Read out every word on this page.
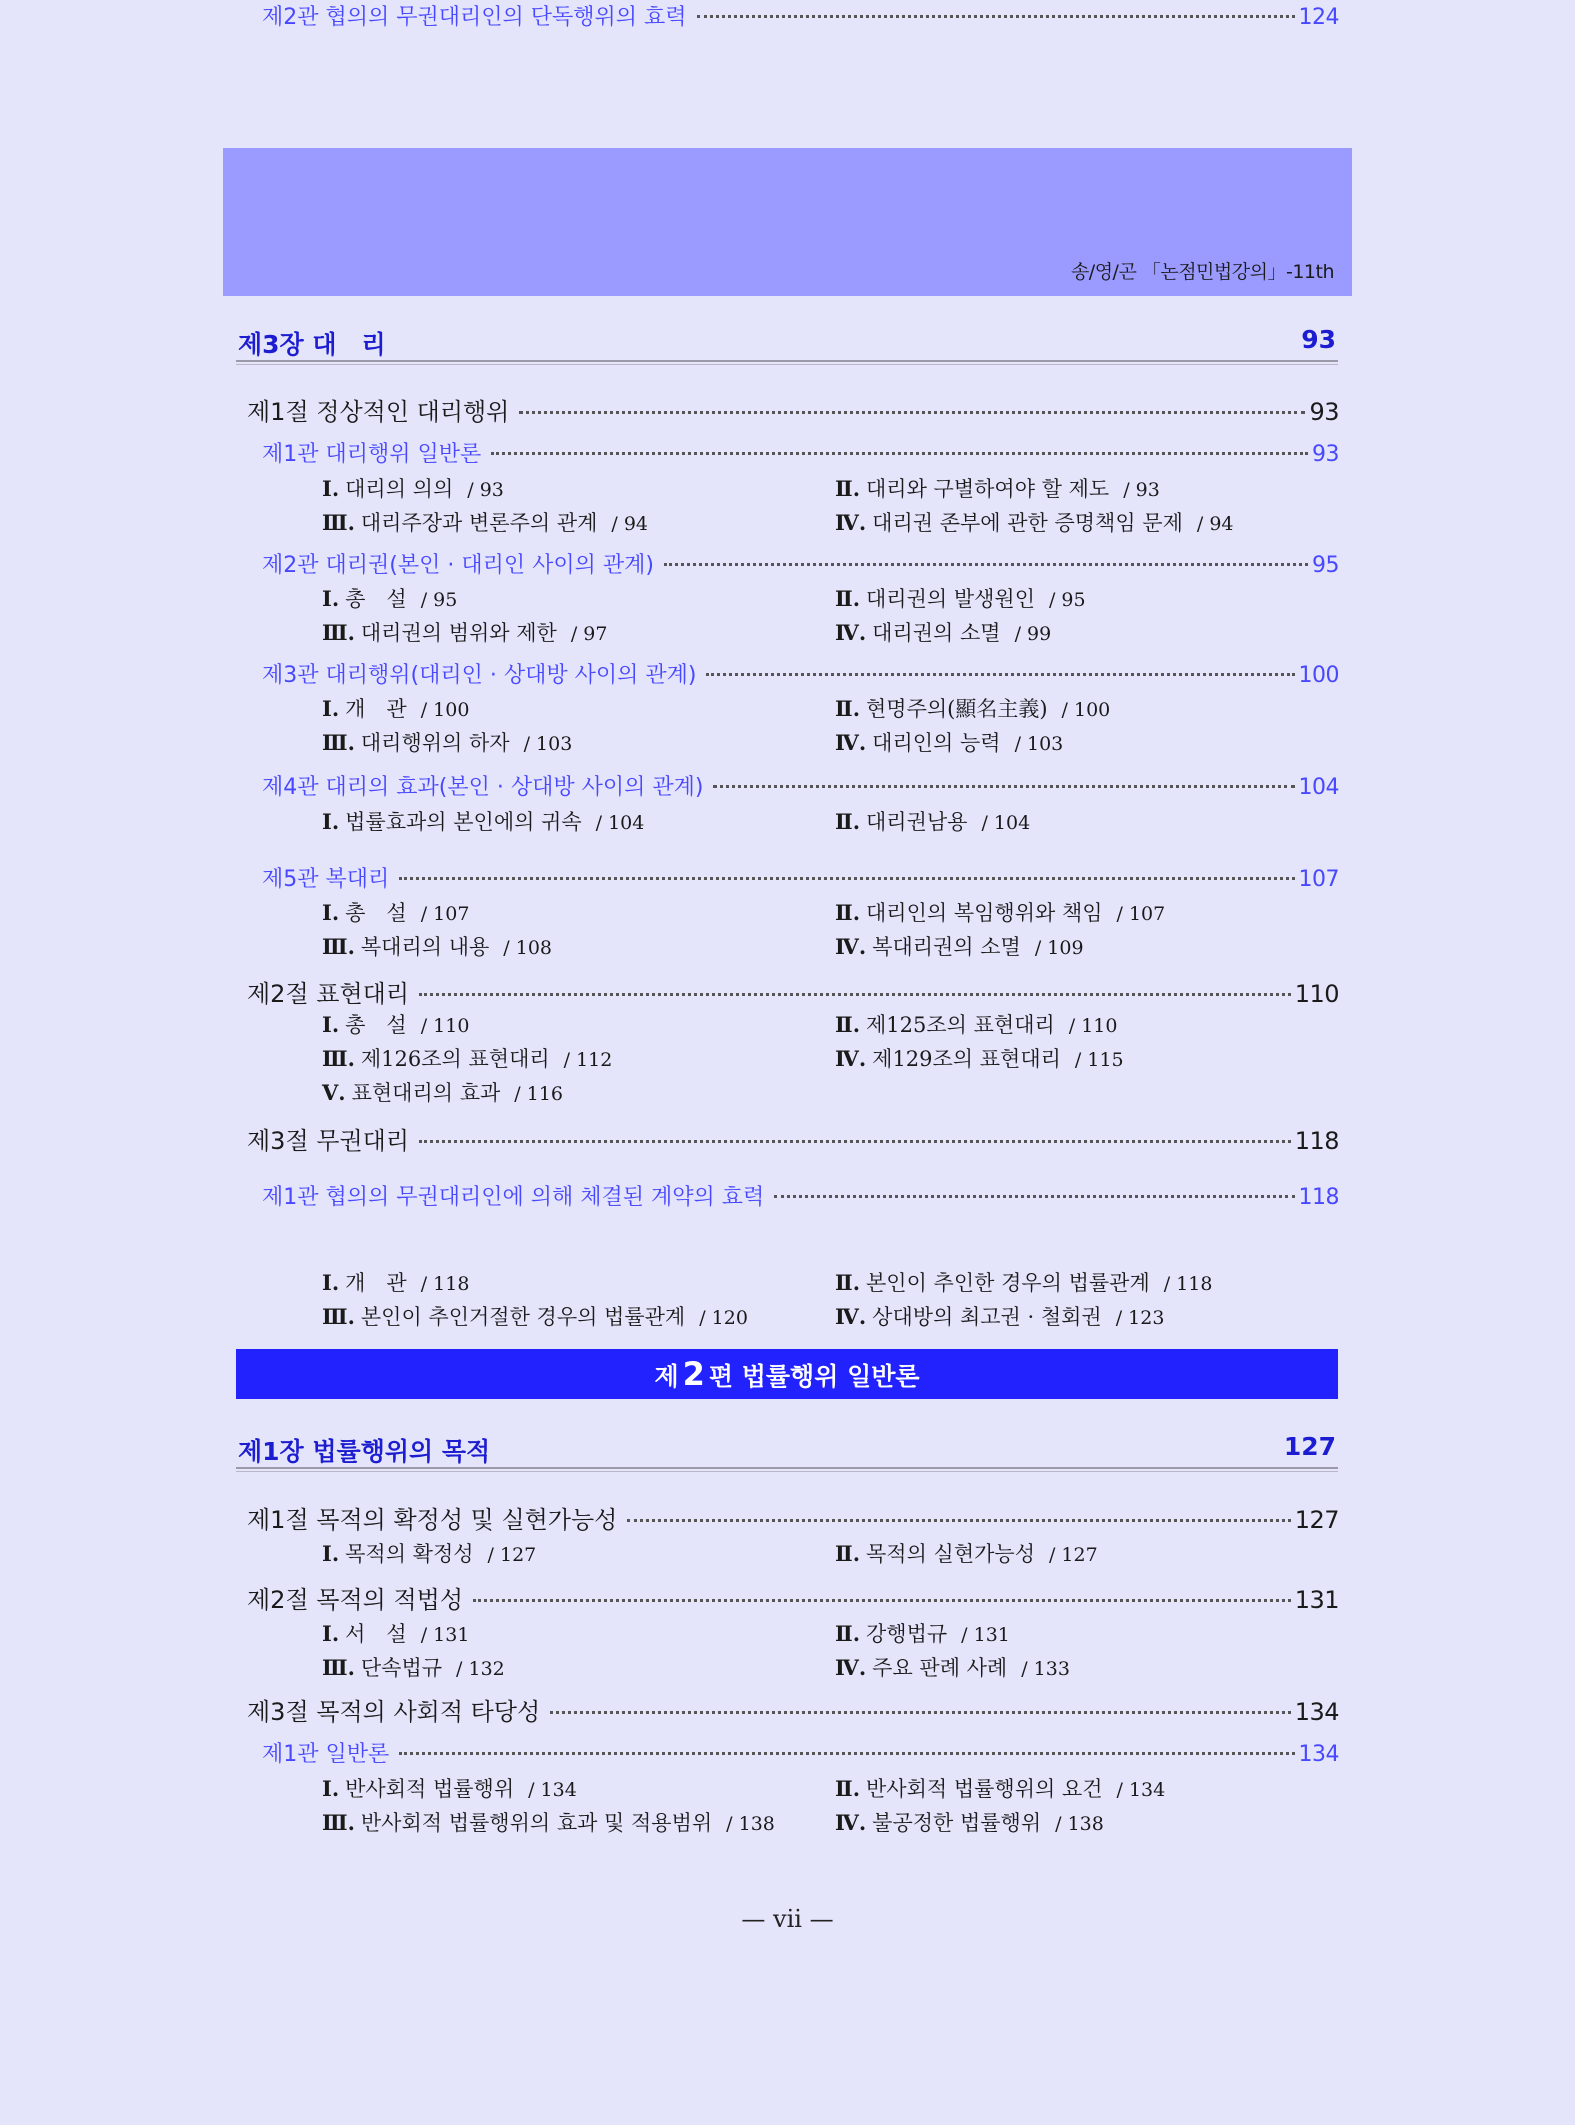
송/영/곤 「논점민법강의」-11th
제3장 대　리	93
제1절 정상적인 대리행위	93
제1관 대리행위 일반론	93
Ⅰ. 대리의 의의 / 93	Ⅱ. 대리와 구별하여야 할 제도 / 93
Ⅲ. 대리주장과 변론주의 관계 / 94	Ⅳ. 대리권 존부에 관한 증명책임 문제 / 94
제2관 대리권(본인 · 대리인 사이의 관계)	95
Ⅰ. 총　설 / 95	Ⅱ. 대리권의 발생원인 / 95
Ⅲ. 대리권의 범위와 제한 / 97	Ⅳ. 대리권의 소멸 / 99
제3관 대리행위(대리인 · 상대방 사이의 관계)	100
Ⅰ. 개　관 / 100	Ⅱ. 현명주의(顯名主義) / 100
Ⅲ. 대리행위의 하자 / 103	Ⅳ. 대리인의 능력 / 103
제4관 대리의 효과(본인 · 상대방 사이의 관계)	104
Ⅰ. 법률효과의 본인에의 귀속 / 104	Ⅱ. 대리권남용 / 104
제5관 복대리	107
Ⅰ. 총　설 / 107	Ⅱ. 대리인의 복임행위와 책임 / 107
Ⅲ. 복대리의 내용 / 108	Ⅳ. 복대리권의 소멸 / 109
제2절 표현대리	110
Ⅰ. 총　설 / 110	Ⅱ. 제125조의 표현대리 / 110
Ⅲ. 제126조의 표현대리 / 112	Ⅳ. 제129조의 표현대리 / 115
Ⅴ. 표현대리의 효과 / 116
제3절 무권대리	118
제1관 협의의 무권대리인에 의해 체결된 계약의 효력	118
Ⅰ. 개　관 / 118	Ⅱ. 본인이 추인한 경우의 법률관계 / 118
Ⅲ. 본인이 추인거절한 경우의 법률관계 / 120	Ⅳ. 상대방의 최고권 · 철회권 / 123
제2관 협의의 무권대리인의 단독행위의 효력	124
제1장 법률행위의 목적	127
제1절 목적의 확정성 및 실현가능성	127
Ⅰ. 목적의 확정성 / 127	Ⅱ. 목적의 실현가능성 / 127
제2절 목적의 적법성	131
Ⅰ. 서　설 / 131	Ⅱ. 강행법규 / 131
Ⅲ. 단속법규 / 132	Ⅳ. 주요 판례 사례 / 133
제3절 목적의 사회적 타당성	134
제1관 일반론	134
Ⅰ. 반사회적 법률행위 / 134	Ⅱ. 반사회적 법률행위의 요건 / 134
Ⅲ. 반사회적 법률행위의 효과 및 적용범위 / 138	Ⅳ. 불공정한 법률행위 / 138
제 2 편 법률행위 일반론
— vii —
